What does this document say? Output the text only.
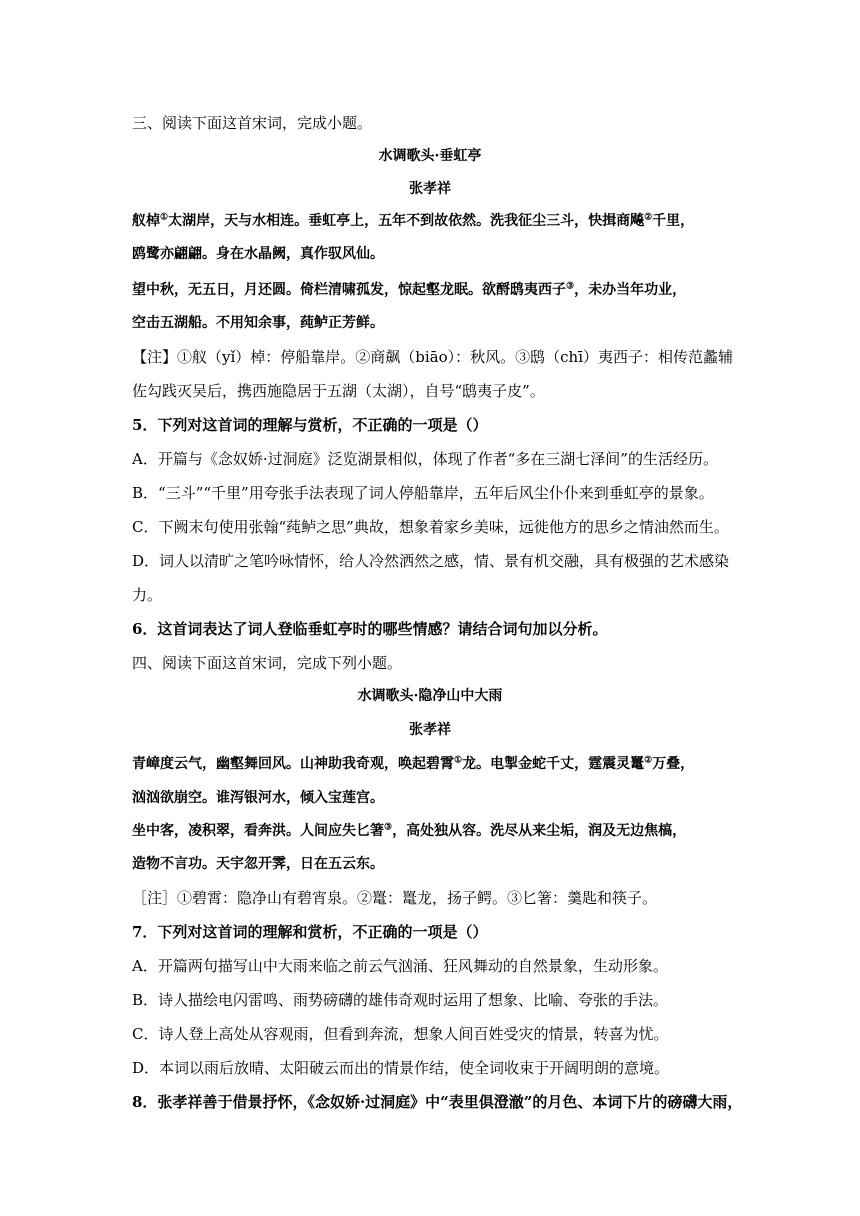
三、阅读下面这首宋词，完成小题。
水调歌头·垂虹亭
张孝祥
舣棹①太湖岸，天与水相连。垂虹亭上，五年不到故依然。洗我征尘三斗，快揖商飚②千里，
鸥鹭亦翩翩。身在水晶阙，真作驭风仙。
望中秋，无五日，月还圆。倚栏清啸孤发，惊起壑龙眠。欲酹鸱夷西子③，未办当年功业，
空击五湖船。不用知余事，莼鲈正芳鲜。
【注】①舣（yǐ）棹：停船靠岸。②商飙（biāo）：秋风。③鸱（chī）夷西子：相传范蠡辅
佐勾践灭吴后，携西施隐居于五湖（太湖），自号“鸱夷子皮”。
5．下列对这首词的理解与赏析，不正确的一项是（）
A．开篇与《念奴娇·过洞庭》泛览湖景相似，体现了作者“多在三湖七泽间”的生活经历。
B．“三斗”“千里”用夸张手法表现了词人停船靠岸，五年后风尘仆仆来到垂虹亭的景象。
C．下阙末句使用张翰“莼鲈之思”典故，想象着家乡美味，远徙他方的思乡之情油然而生。
D．词人以清旷之笔吟咏情怀，给人冷然洒然之感，情、景有机交融，具有极强的艺术感染
力。
6．这首词表达了词人登临垂虹亭时的哪些情感？请结合词句加以分析。
四、阅读下面这首宋词，完成下列小题。
水调歌头·隐净山中大雨
张孝祥
青嶂度云气，幽壑舞回风。山神助我奇观，唤起碧霄①龙。电掣金蛇千丈，霆震灵鼍②万叠，
汹汹欲崩空。谁泻银河水，倾入宝莲宫。
坐中客，凌积翠，看奔洪。人间应失匕箸③，高处独从容。洗尽从来尘垢，润及无边焦槁，
造物不言功。天宇忽开霁，日在五云东。
［注］①碧霄：隐净山有碧宵泉。②鼍：鼍龙，扬子鳄。③匕箸：羹匙和筷子。
7．下列对这首词的理解和赏析，不正确的一项是（）
A．开篇两句描写山中大雨来临之前云气汹涌、狂风舞动的自然景象，生动形象。
B．诗人描绘电闪雷鸣、雨势磅礴的雄伟奇观时运用了想象、比喻、夸张的手法。
C．诗人登上高处从容观雨，但看到奔流，想象人间百姓受灾的情景，转喜为忧。
D．本词以雨后放晴、太阳破云而出的情景作结，使全词收束于开阔明朗的意境。
8．张孝祥善于借景抒怀，《念奴娇·过洞庭》中“表里俱澄澈”的月色、本词下片的磅礴大雨，
